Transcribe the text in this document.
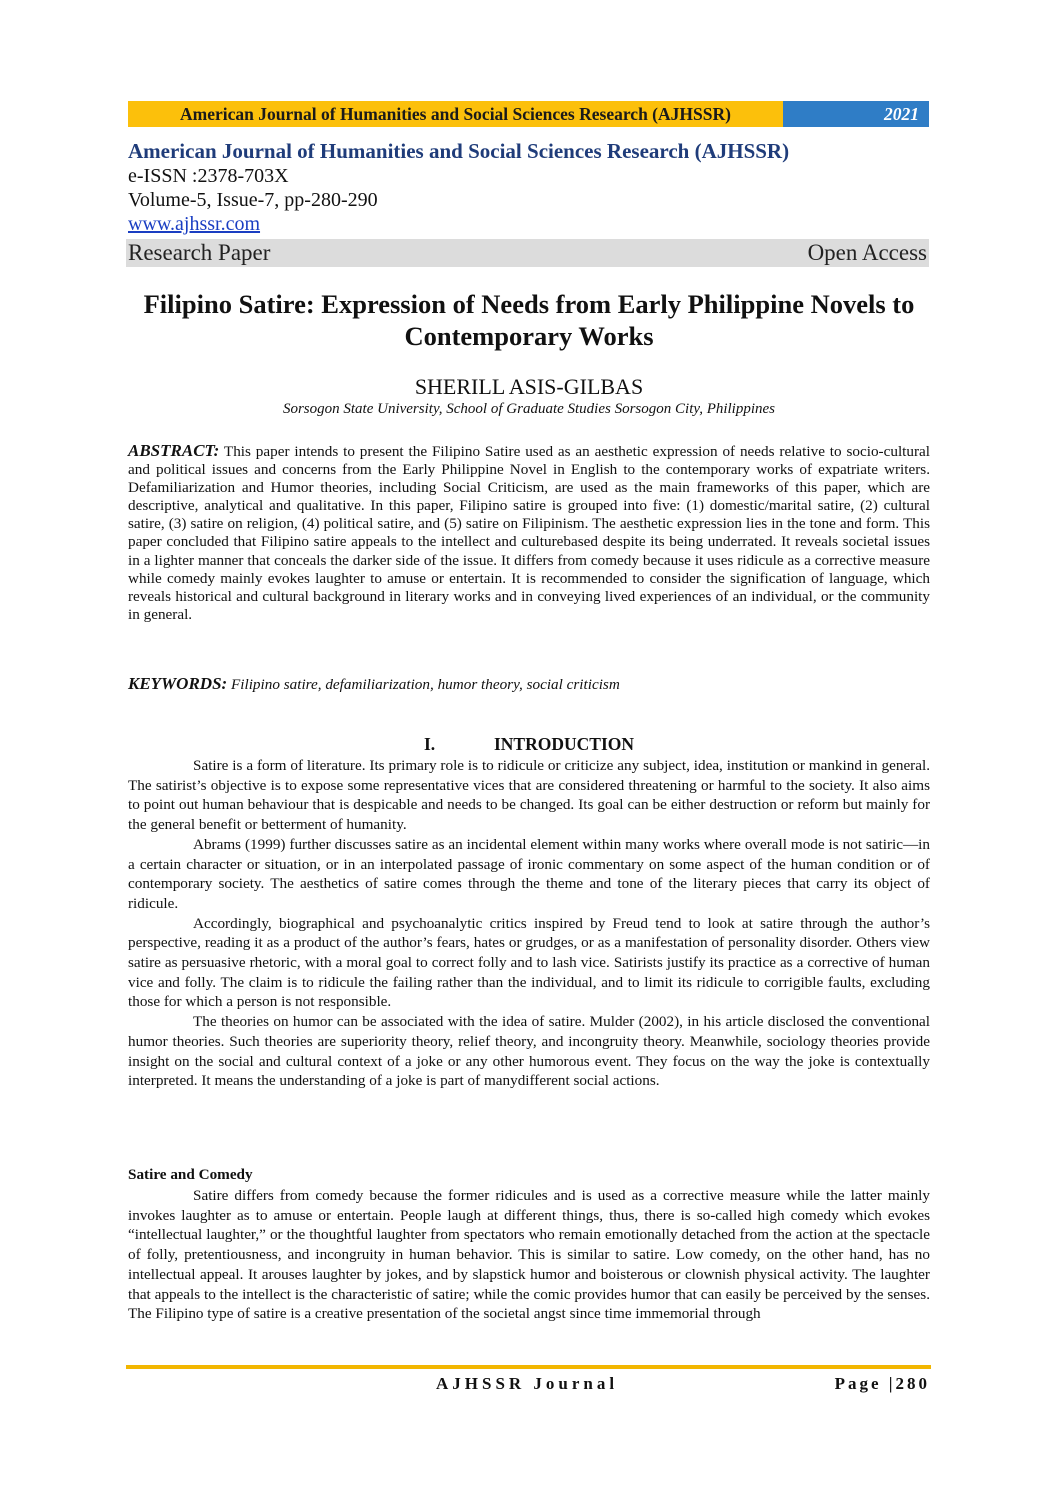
American Journal of Humanities and Social Sciences Research (AJHSSR)	2021
American Journal of Humanities and Social Sciences Research (AJHSSR)
e-ISSN :2378-703X
Volume-5, Issue-7, pp-280-290
www.ajhssr.com
Research Paper	Open Access
Filipino Satire: Expression of Needs from Early Philippine Novels to Contemporary Works
SHERILL ASIS-GILBAS
Sorsogon State University, School of Graduate Studies Sorsogon City, Philippines
ABSTRACT: This paper intends to present the Filipino Satire used as an aesthetic expression of needs relative to socio-cultural and political issues and concerns from the Early Philippine Novel in English to the contemporary works of expatriate writers. Defamiliarization and Humor theories, including Social Criticism, are used as the main frameworks of this paper, which are descriptive, analytical and qualitative. In this paper, Filipino satire is grouped into five: (1) domestic/marital satire, (2) cultural satire, (3) satire on religion, (4) political satire, and (5) satire on Filipinism. The aesthetic expression lies in the tone and form. This paper concluded that Filipino satire appeals to the intellect and culturebased despite its being underrated. It reveals societal issues in a lighter manner that conceals the darker side of the issue. It differs from comedy because it uses ridicule as a corrective measure while comedy mainly evokes laughter to amuse or entertain. It is recommended to consider the signification of language, which reveals historical and cultural background in literary works and in conveying lived experiences of an individual, or the community in general.
KEYWORDS: Filipino satire, defamiliarization, humor theory, social criticism
I.	INTRODUCTION

Satire is a form of literature. Its primary role is to ridicule or criticize any subject, idea, institution or mankind in general. The satirist’s objective is to expose some representative vices that are considered threatening or harmful to the society. It also aims to point out human behaviour that is despicable and needs to be changed. Its goal can be either destruction or reform but mainly for the general benefit or betterment of humanity.

Abrams (1999) further discusses satire as an incidental element within many works where overall mode is not satiric—in a certain character or situation, or in an interpolated passage of ironic commentary on some aspect of the human condition or of contemporary society. The aesthetics of satire comes through the theme and tone of the literary pieces that carry its object of ridicule.

Accordingly, biographical and psychoanalytic critics inspired by Freud tend to look at satire through the author’s perspective, reading it as a product of the author’s fears, hates or grudges, or as a manifestation of personality disorder. Others view satire as persuasive rhetoric, with a moral goal to correct folly and to lash vice. Satirists justify its practice as a corrective of human vice and folly. The claim is to ridicule the failing rather than the individual, and to limit its ridicule to corrigible faults, excluding those for which a person is not responsible.

The theories on humor can be associated with the idea of satire. Mulder (2002), in his article disclosed the conventional humor theories. Such theories are superiority theory, relief theory, and incongruity theory. Meanwhile, sociology theories provide insight on the social and cultural context of a joke or any other humorous event. They focus on the way the joke is contextually interpreted. It means the understanding of a joke is part of manydifferent social actions.

Satire and Comedy

Satire differs from comedy because the former ridicules and is used as a corrective measure while the latter mainly invokes laughter as to amuse or entertain. People laugh at different things, thus, there is so-called high comedy which evokes “intellectual laughter,” or the thoughtful laughter from spectators who remain emotionally detached from the action at the spectacle of folly, pretentiousness, and incongruity in human behavior. This is similar to satire. Low comedy, on the other hand, has no intellectual appeal. It arouses laughter by jokes, and by slapstick humor and boisterous or clownish physical activity. The laughter that appeals to the intellect is the characteristic of satire; while the comic provides humor that can easily be perceived by the senses. The Filipino type of satire is a creative presentation of the societal angst since time immemorial through

AJHSSR Journal	Page |280
